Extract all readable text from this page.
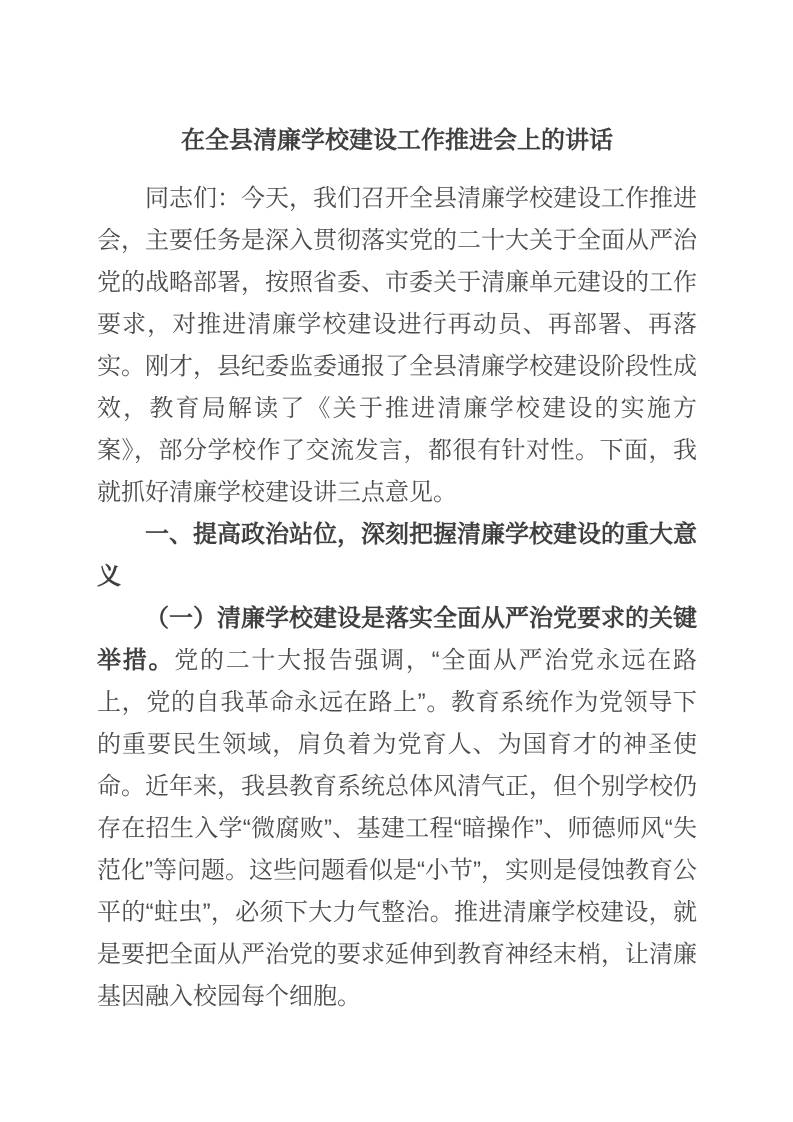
在全县清廉学校建设工作推进会上的讲话

同志们：今天，我们召开全县清廉学校建设工作推进会，主要任务是深入贯彻落实党的二十大关于全面从严治党的战略部署，按照省委、市委关于清廉单元建设的工作要求，对推进清廉学校建设进行再动员、再部署、再落实。刚才，县纪委监委通报了全县清廉学校建设阶段性成效，教育局解读了《关于推进清廉学校建设的实施方案》，部分学校作了交流发言，都很有针对性。下面，我就抓好清廉学校建设讲三点意见。

一、提高政治站位，深刻把握清廉学校建设的重大意义

（一）清廉学校建设是落实全面从严治党要求的关键举措。党的二十大报告强调，“全面从严治党永远在路上，党的自我革命永远在路上”。教育系统作为党领导下的重要民生领域，肩负着为党育人、为国育才的神圣使命。近年来，我县教育系统总体风清气正，但个别学校仍存在招生入学“微腐败”、基建工程“暗操作”、师德师风“失范化”等问题。这些问题看似是“小节”，实则是侵蚀教育公平的“蛀虫”，必须下大力气整治。推进清廉学校建设，就是要把全面从严治党的要求延伸到教育神经末梢，让清廉基因融入校园每个细胞。
